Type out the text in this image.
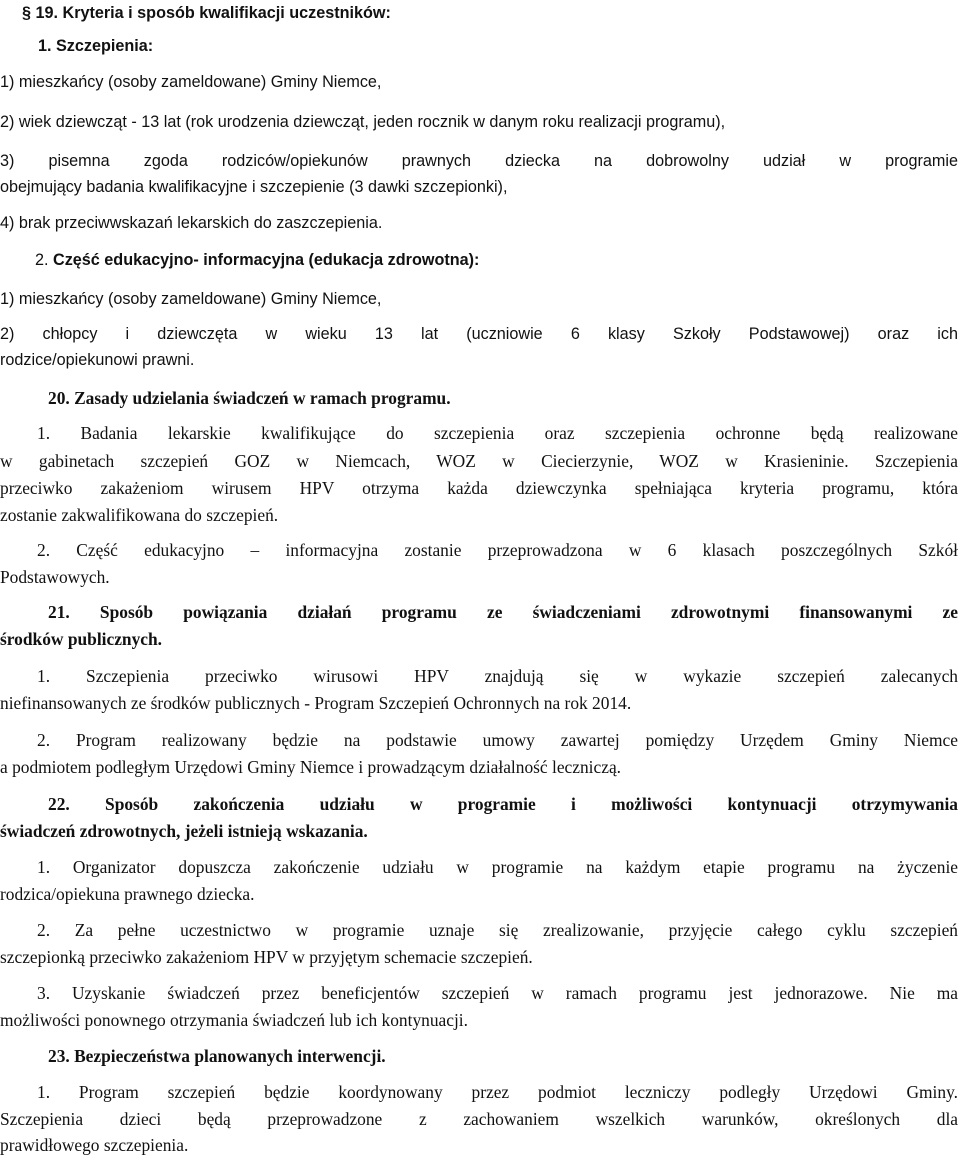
§ 19. Kryteria i sposób kwalifikacji uczestników:
1. Szczepienia:
1) mieszkańcy (osoby zameldowane) Gminy Niemce,
2) wiek dziewcząt - 13 lat (rok urodzenia dziewcząt, jeden rocznik w danym roku realizacji programu),
3) pisemna zgoda rodziców/opiekunów prawnych dziecka na dobrowolny udział w programie
obejmujący badania kwalifikacyjne i szczepienie (3 dawki szczepionki),
4) brak przeciwwskazań lekarskich do zaszczepienia.
2. Część edukacyjno- informacyjna (edukacja zdrowotna):
1) mieszkańcy (osoby zameldowane) Gminy Niemce,
2) chłopcy i dziewczęta w wieku 13 lat (uczniowie 6 klasy Szkoły Podstawowej) oraz ich
rodzice/opiekunowi prawni.
20. Zasady udzielania świadczeń w ramach programu.
1. Badania lekarskie kwalifikujące do szczepienia oraz szczepienia ochronne będą realizowane
w gabinetach szczepień GOZ w Niemcach, WOZ w Ciecierzynie, WOZ w Krasieninie. Szczepienia
przeciwko zakażeniom wirusem HPV otrzyma każda dziewczynka spełniająca kryteria programu, która
zostanie zakwalifikowana do szczepień.
2. Część edukacyjno – informacyjna zostanie przeprowadzona w 6 klasach poszczególnych Szkół
Podstawowych.
21. Sposób powiązania działań programu ze świadczeniami zdrowotnymi finansowanymi ze
środków publicznych.
1. Szczepienia przeciwko wirusowi HPV znajdują się w wykazie szczepień zalecanych
niefinansowanych ze środków publicznych - Program Szczepień Ochronnych na rok 2014.
2. Program realizowany będzie na podstawie umowy zawartej pomiędzy Urzędem Gminy Niemce
a podmiotem podległym Urzędowi Gminy Niemce i prowadzącym działalność leczniczą.
22. Sposób zakończenia udziału w programie i możliwości kontynuacji otrzymywania
świadczeń zdrowotnych, jeżeli istnieją wskazania.
1. Organizator dopuszcza zakończenie udziału w programie na każdym etapie programu na życzenie
rodzica/opiekuna prawnego dziecka.
2. Za pełne uczestnictwo w programie uznaje się zrealizowanie, przyjęcie całego cyklu szczepień
szczepionką przeciwko zakażeniom HPV w przyjętym schemacie szczepień.
3. Uzyskanie świadczeń przez beneficjentów szczepień w ramach programu jest jednorazowe. Nie ma
możliwości ponownego otrzymania świadczeń lub ich kontynuacji.
23. Bezpieczeństwa planowanych interwencji.
1. Program szczepień będzie koordynowany przez podmiot leczniczy podległy Urzędowi Gminy.
Szczepienia dzieci będą przeprowadzone z zachowaniem wszelkich warunków, określonych dla
prawidłowego szczepienia.
